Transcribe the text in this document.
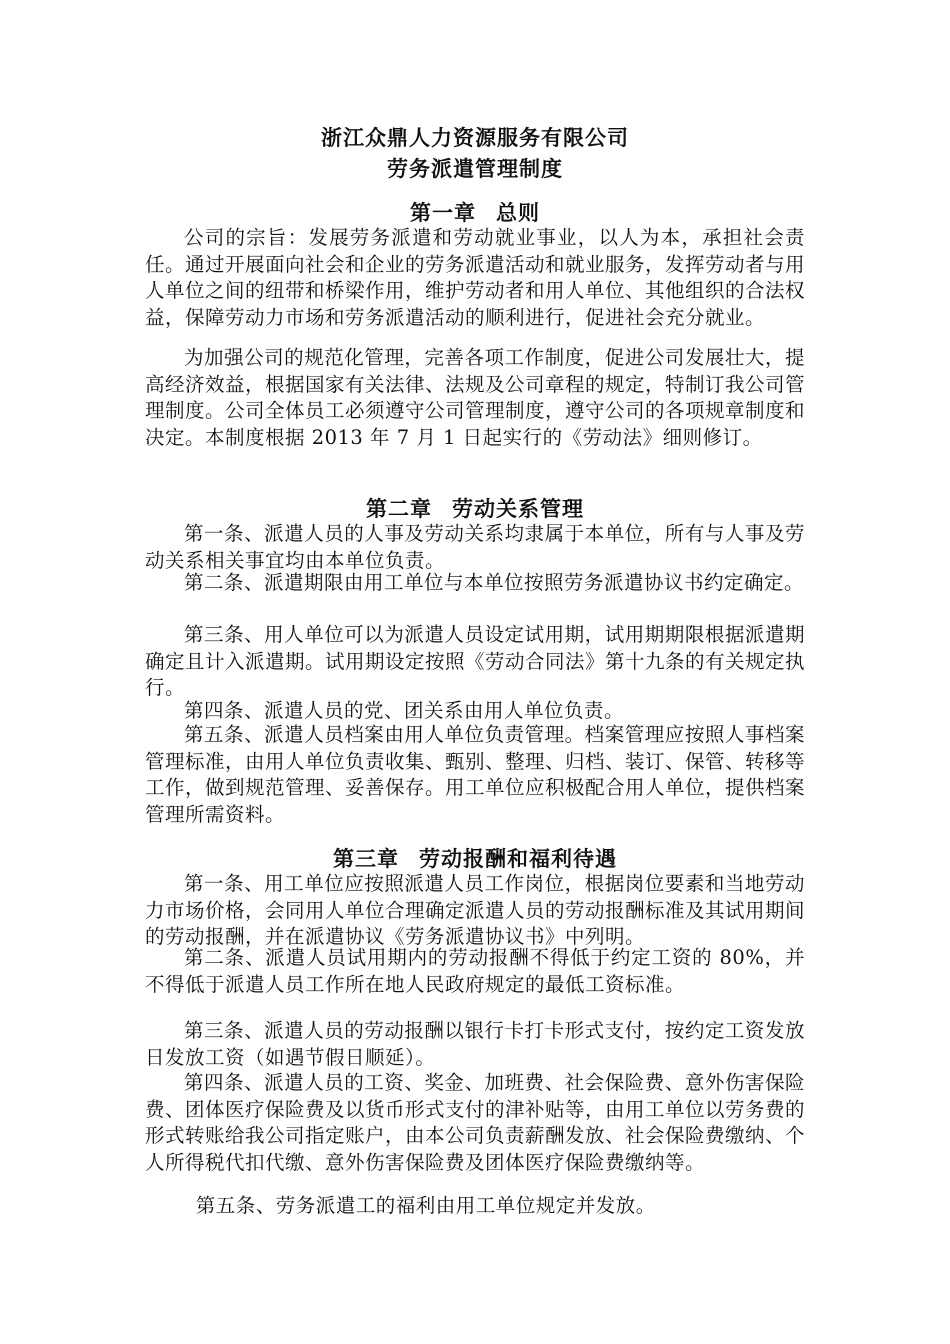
浙江众鼎人力资源服务有限公司
劳务派遣管理制度
第一章 总则
公司的宗旨：发展劳务派遣和劳动就业事业，以人为本，承担社会责任。通过开展面向社会和企业的劳务派遣活动和就业服务，发挥劳动者与用人单位之间的纽带和桥梁作用，维护劳动者和用人单位、其他组织的合法权益，保障劳动力市场和劳务派遣活动的顺利进行，促进社会充分就业。
为加强公司的规范化管理，完善各项工作制度，促进公司发展壮大，提高经济效益，根据国家有关法律、法规及公司章程的规定，特制订我公司管理制度。公司全体员工必须遵守公司管理制度，遵守公司的各项规章制度和决定。本制度根据 2013 年 7 月 1 日起实行的《劳动法》细则修订。
第二章 劳动关系管理
第一条、派遣人员的人事及劳动关系均隶属于本单位，所有与人事及劳动关系相关事宜均由本单位负责。
第二条、派遣期限由用工单位与本单位按照劳务派遣协议书约定确定。
第三条、用人单位可以为派遣人员设定试用期，试用期期限根据派遣期确定且计入派遣期。试用期设定按照《劳动合同法》第十九条的有关规定执行。
第四条、派遣人员的党、团关系由用人单位负责。
第五条、派遣人员档案由用人单位负责管理。档案管理应按照人事档案管理标准，由用人单位负责收集、甄别、整理、归档、装订、保管、转移等工作，做到规范管理、妥善保存。用工单位应积极配合用人单位，提供档案管理所需资料。
第三章 劳动报酬和福利待遇
第一条、用工单位应按照派遣人员工作岗位，根据岗位要素和当地劳动力市场价格，会同用人单位合理确定派遣人员的劳动报酬标准及其试用期间的劳动报酬，并在派遣协议《劳务派遣协议书》中列明。
第二条、派遣人员试用期内的劳动报酬不得低于约定工资的 80%，并不得低于派遣人员工作所在地人民政府规定的最低工资标准。
第三条、派遣人员的劳动报酬以银行卡打卡形式支付，按约定工资发放日发放工资（如遇节假日顺延）。
第四条、派遣人员的工资、奖金、加班费、社会保险费、意外伤害保险费、团体医疗保险费及以货币形式支付的津补贴等，由用工单位以劳务费的形式转账给我公司指定账户，由本公司负责薪酬发放、社会保险费缴纳、个人所得税代扣代缴、意外伤害保险费及团体医疗保险费缴纳等。
第五条、劳务派遣工的福利由用工单位规定并发放。
